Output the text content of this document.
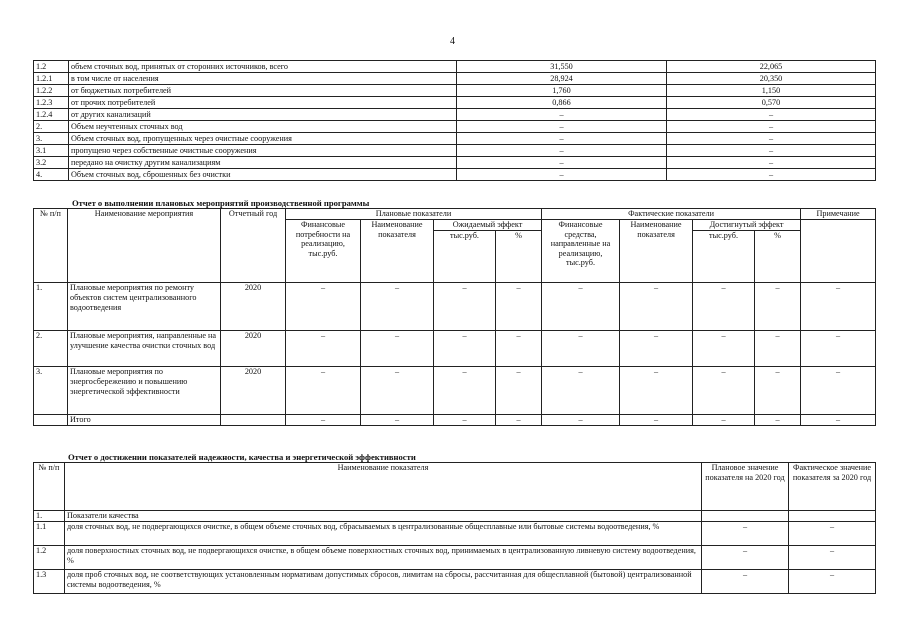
4
1.2	объем сточных вод, принятых от сторонних источников, всего	31,550	22,065
1.2.1	в том числе от населения	28,924	20,350
1.2.2	от бюджетных потребителей	1,760	1,150
1.2.3	от прочих потребителей	0,866	0,570
1.2.4	от других канализаций	–	–
2.	Объем неучтенных сточных вод	–	–
3.	Объем сточных вод, пропущенных через очистные сооружения	–	–
3.1	пропущено через собственные очистные сооружения	–	–
3.2	передано на очистку другим канализациям	–	–
4.	Объем сточных вод, сброшенных без очистки	–	–
Отчет о выполнении плановых мероприятий производственной программы
№ п/п	Наименование мероприятия	Отчетный год	Плановые показатели				Фактические показатели				Примечание
			Финансовые потребности на реализацию, тыс.руб.	Наименование показателя	Ожидаемый эффект		Финансовые средства, направленные на реализацию, тыс.руб.	Наименование показателя	Достигнутый эффект		
					тыс.руб.	%			тыс.руб.	%	
1.	Плановые мероприятия по ремонту объектов систем централизованного водоотведения	2020	–	–	–	–	–	–	–	–	–
2.	Плановые мероприятия, направленные на улучшение качества очистки сточных вод	2020	–	–	–	–	–	–	–	–	–
3.	Плановые мероприятия по энергосбережению и повышению энергетической эффективности	2020	–	–	–	–	–	–	–	–	–
	Итого		–	–	–	–	–	–	–	–	–
Отчет о достижении показателей надежности, качества и энергетической эффективности
№ п/п	Наименование показателя	Плановое значение показателя на 2020 год	Фактическое значение показателя за 2020 год
1.	Показатели качества		
1.1	доля сточных вод, не подвергающихся очистке, в общем объеме сточных вод, сбрасываемых в централизованные общесплавные или бытовые системы водоотведения, %	–	–
1.2	доля поверхностных сточных вод, не подвергающихся очистке, в общем объеме поверхностных сточных вод, принимаемых в централизованную ливневую систему водоотведения, %	–	–
1.3	доля проб сточных вод, не соответствующих установленным нормативам допустимых сбросов, лимитам на сбросы, рассчитанная для общесплавной (бытовой) централизованной системы водоотведения, %	–	–
